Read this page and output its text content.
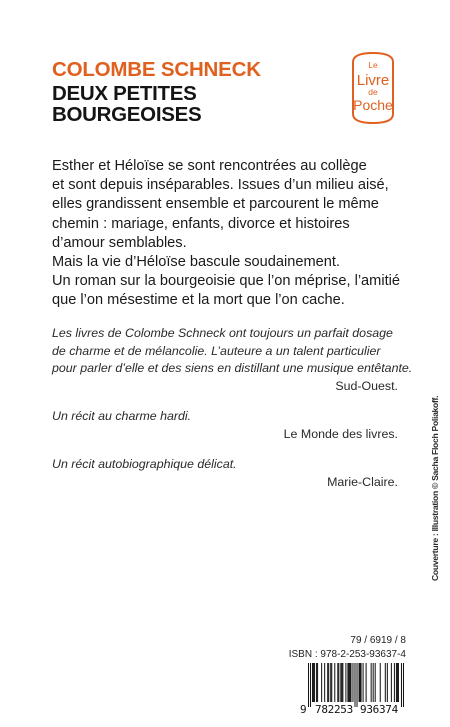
COLOMBE SCHNECK
DEUX PETITES
BOURGEOISES
Le
Livre
de
Poche

Esther et Héloïse se sont rencontrées au collège

et sont depuis inséparables. Issues d’un milieu aisé,

elles grandissent ensemble et parcourent le même

chemin : mariage, enfants, divorce et histoires

d’amour semblables.

Mais la vie d’Héloïse bascule soudainement.

Un roman sur la bourgeoisie que l’on méprise, l’amitié

que l’on mésestime et la mort que l’on cache.

Les livres de Colombe Schneck ont toujours un parfait dosage

de charme et de mélancolie. L’auteure a un talent particulier

pour parler d’elle et des siens en distillant une musique entêtante.

Sud-Ouest.

Un récit au charme hardi.

Le Monde des livres.

Un récit autobiographique délicat.

Marie-Claire.	Couverture : Illustration © Sacha Floch Poliakoff.
79 / 6919 / 8
ISBN : 978-2-253-93637-4
9 782253 936374
